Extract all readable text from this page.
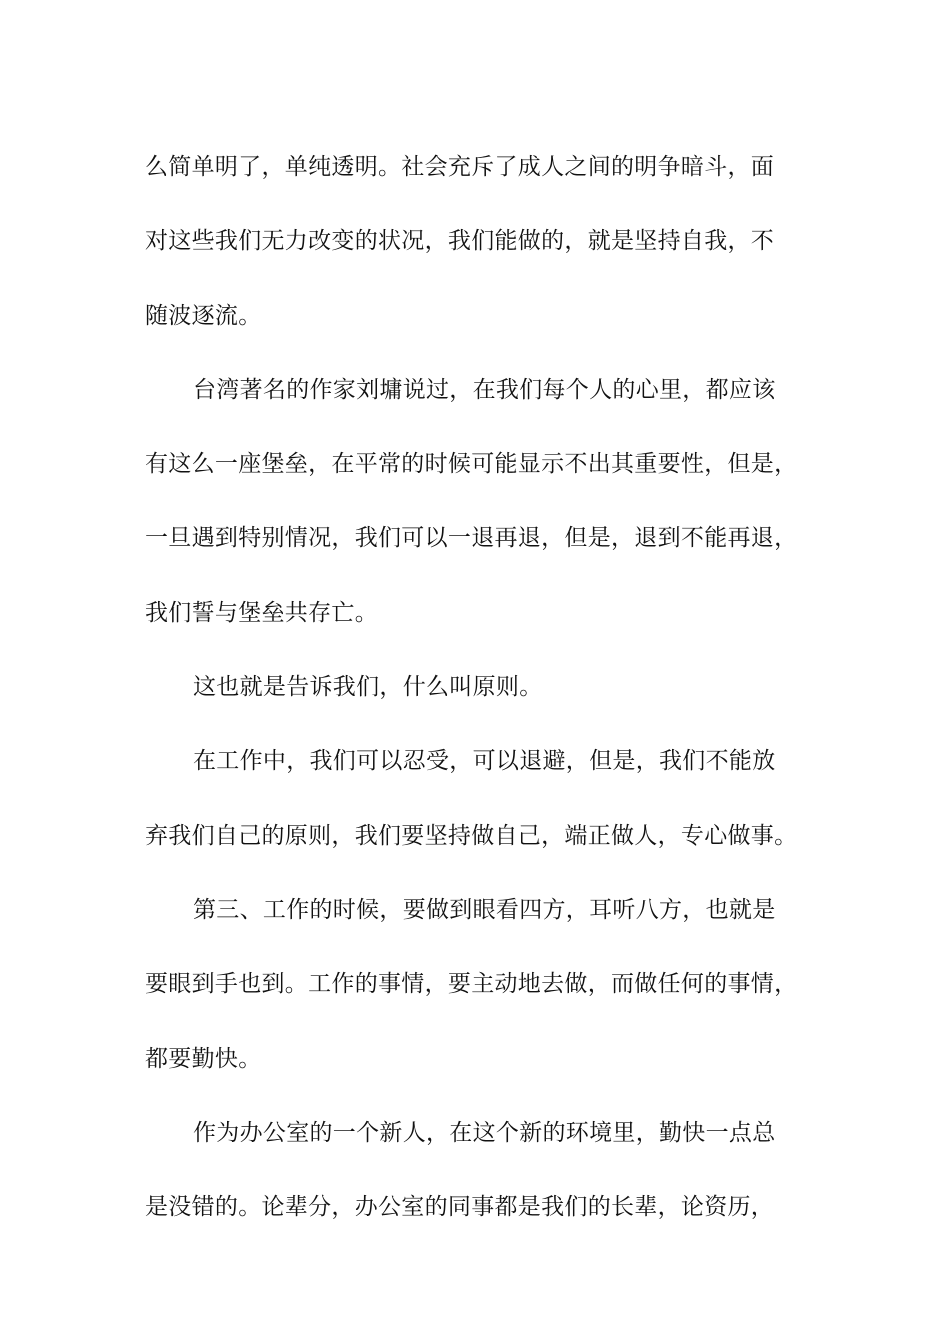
么简单明了，单纯透明。社会充斥了成人之间的明争暗斗，面
对这些我们无力改变的状况，我们能做的，就是坚持自我，不
随波逐流。
台湾著名的作家刘墉说过，在我们每个人的心里，都应该
有这么一座堡垒，在平常的时候可能显示不出其重要性，但是，
一旦遇到特别情况，我们可以一退再退，但是，退到不能再退，
我们誓与堡垒共存亡。
这也就是告诉我们，什么叫原则。
在工作中，我们可以忍受，可以退避，但是，我们不能放
弃我们自己的原则，我们要坚持做自己，端正做人，专心做事。
第三、工作的时候，要做到眼看四方，耳听八方，也就是
要眼到手也到。工作的事情，要主动地去做，而做任何的事情，
都要勤快。
作为办公室的一个新人，在这个新的环境里，勤快一点总
是没错的。论辈分，办公室的同事都是我们的长辈，论资历，
